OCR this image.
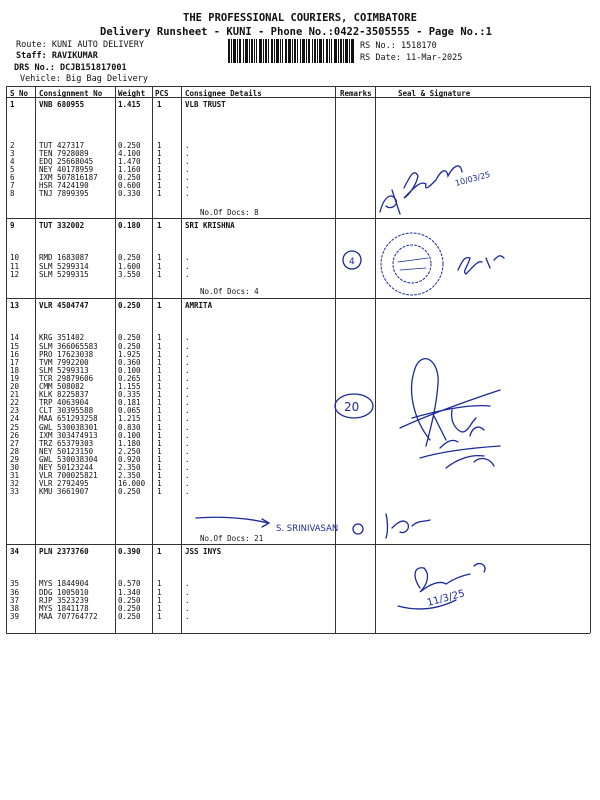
THE PROFESSIONAL COURIERS, COIMBATORE
Delivery Runsheet - KUNI - Phone No.:0422-3505555 - Page No.:1
Route: KUNI AUTO DELIVERY
Staff: RAVIKUMAR
DRS No.: DCJB151817001
Vehicle: Big Bag Delivery
RS No.: 1518170
RS Date: 11-Mar-2025
S No Consignment No Weight PCS Consignee Details	Remarks	Seal & Signature
1	VNB 680955	1.415 1	VLB TRUST
2	TUT 427317	0.250 1	.
3	TEN 7928089	4.100 1	.
4	EDQ 25668045	1.470 1	.
5	NEY 40178959	1.160 1	.
6	IXM 507816187	0.250 1	.
7	HSR 7424190	0.600 1	.
8	TNJ 7899395	0.330 1	.
No.Of Docs: 8
9	TUT 332002	0.180 1	SRI KRISHNA
10	RMD 1683087	0.250 1	.
11	SLM 5299314	1.600 1	.
12	SLM 5299315	3.550 1	.
No.Of Docs: 4
13	VLR 4504747	0.250 1	AMRITA
14	KRG 351402	0.250 1	.
15	SLM 366065583	0.250 1	.
16	PRO 17623038	1.925 1	.
17	TVM 7992200	0.360 1	.
18	SLM 5299313	0.100 1	.
19	TCR 29879606	0.265 1	.
20	CMM 508082	1.155 1	.
21	KLK 8225837	0.335 1	.
22	TRP 4063904	0.181 1	.
23	CLT 30395588	0.065 1	.
24	MAA 651293258	1.215 1	.
25	GWL 530038301	0.830 1	.
26	IXM 303474913	0.100 1	.
27	TRZ 65379303	1.180 1	.
28	NEY 50123150	2.250 1	.
29	GWL 530038304	0.920 1	.
30	NEY 50123244	2.350 1	.
31	VLR 700025821	2.350 1	.
32	VLR 2792495	16.000 1	.
33	KMU 3661907	0.250 1	.
No.Of Docs: 21
34	PLN 2373760	0.390 1	JSS INYS
35	MYS 1844904	0.570 1	.
36	DDG 1005010	1.340 1	.
37	RJP 3523239	0.250 1	.
38	MYS 1841178	0.250 1	.
39	MAA 707764772	0.250 1	.
4
20
S. SRINIVASAN
10/03/25
11/3/25
